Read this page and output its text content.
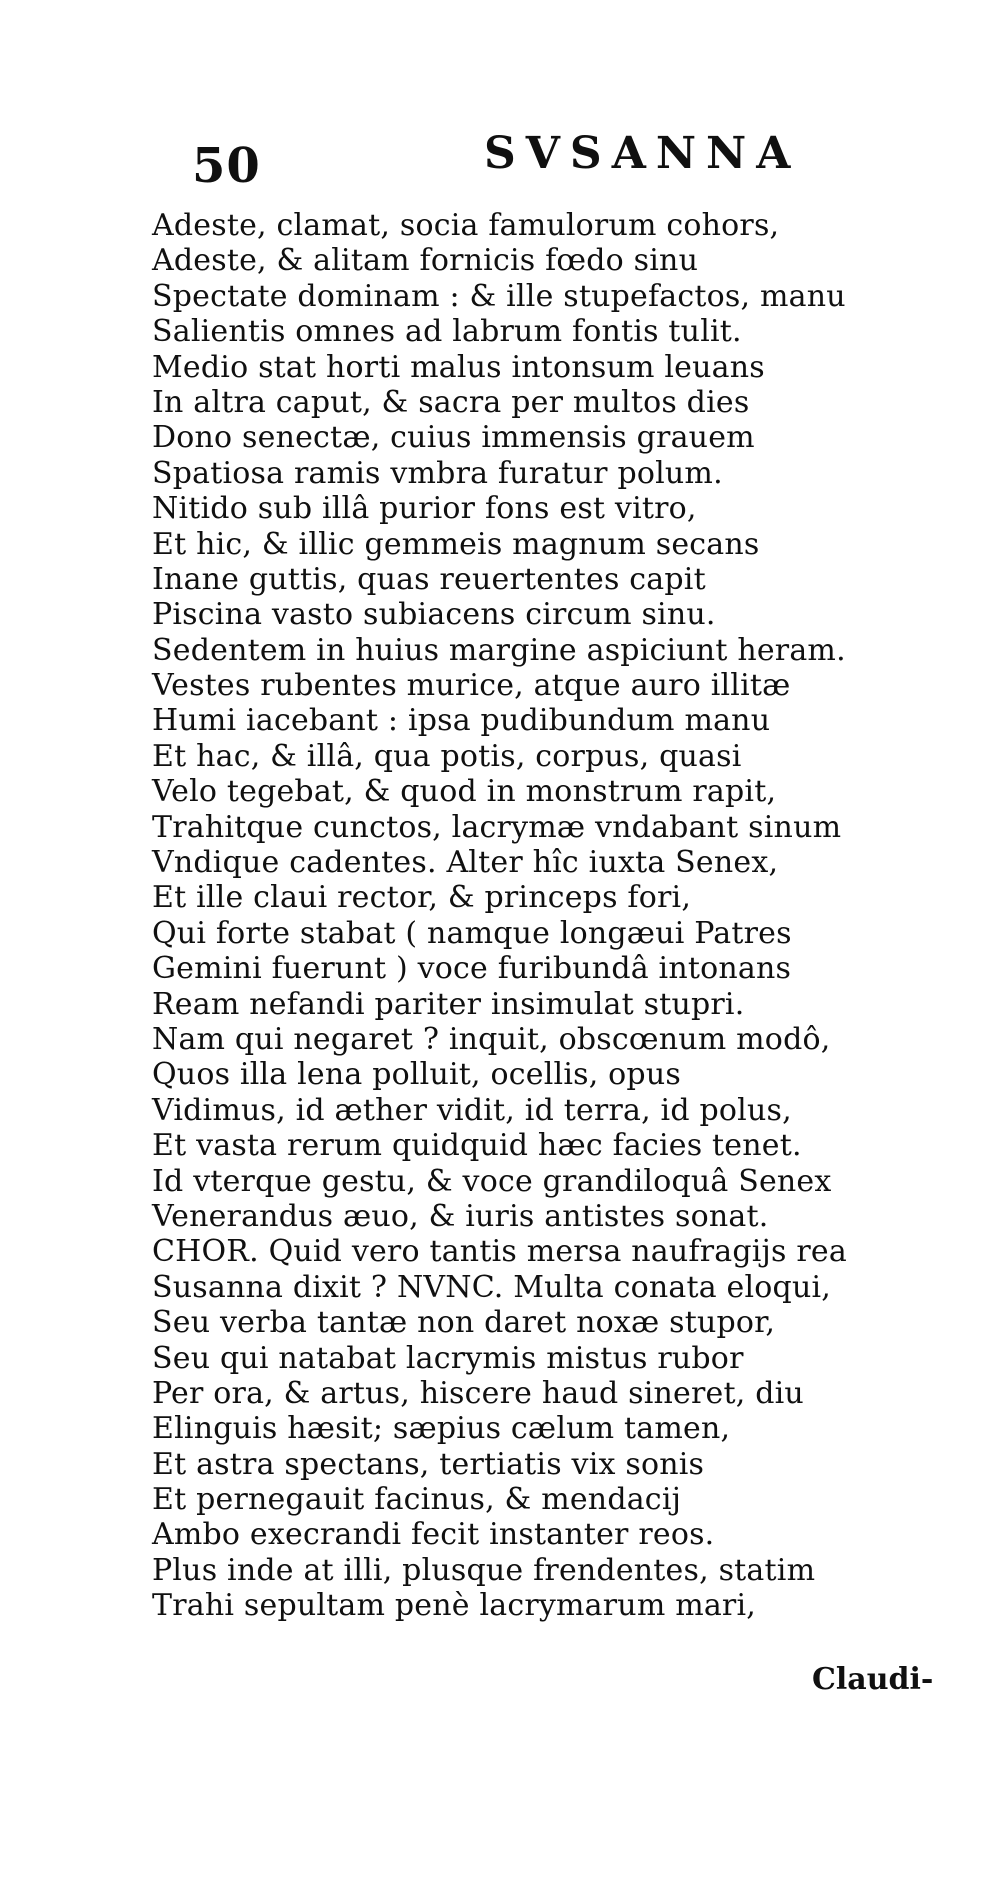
50	SVSANNA
Adeste, clamat, socia famulorum cohors,
Adeste, & alitam fornicis fœdo sinu
Spectate dominam : & ille stupefactos, manu
Salientis omnes ad labrum fontis tulit.
Medio stat horti malus intonsum leuans
In altra caput, & sacra per multos dies
Dono senectæ, cuius immensis grauem
Spatiosa ramis vmbra furatur polum.
Nitido sub illâ purior fons est vitro,
Et hic, & illic gemmeis magnum secans
Inane guttis, quas reuertentes capit
Piscina vasto subiacens circum sinu.
Sedentem in huius margine aspiciunt heram.
Vestes rubentes murice, atque auro illitæ
Humi iacebant : ipsa pudibundum manu
Et hac, & illâ, qua potis, corpus, quasi
Velo tegebat, & quod in monstrum rapit,
Trahitque cunctos, lacrymæ vndabant sinum
Vndique cadentes. Alter hîc iuxta Senex,
Et ille claui rector, & princeps fori,
Qui forte stabat ( namque longæui Patres
Gemini fuerunt ) voce furibundâ intonans
Ream nefandi pariter insimulat stupri.
Nam qui negaret ? inquit, obscœnum modô,
Quos illa lena polluit, ocellis, opus
Vidimus, id æther vidit, id terra, id polus,
Et vasta rerum quidquid hæc facies tenet.
Id vterque gestu, & voce grandiloquâ Senex
Venerandus æuo, & iuris antistes sonat.
CHOR. Quid vero tantis mersa naufragijs rea
Susanna dixit ? NVNC. Multa conata eloqui,
Seu verba tantæ non daret noxæ stupor,
Seu qui natabat lacrymis mistus rubor
Per ora, & artus, hiscere haud sineret, diu
Elinguis hæsit; sæpius cælum tamen,
Et astra spectans, tertiatis vix sonis
Et pernegauit facinus, & mendacij
Ambo execrandi fecit instanter reos.
Plus inde at illi, plusque frendentes, statim
Trahi sepultam penè lacrymarum mari,
Claudi-
